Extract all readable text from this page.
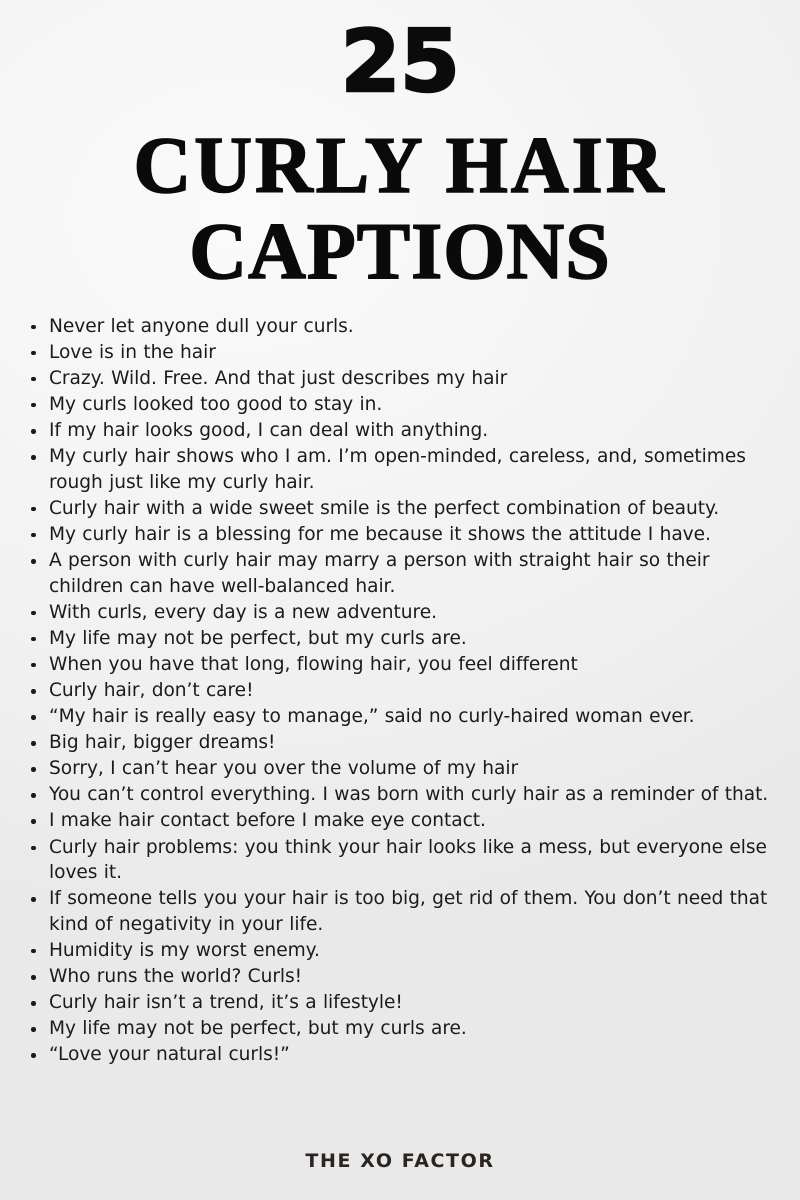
25
CURLY HAIR
CAPTIONS
Never let anyone dull your curls.
Love is in the hair
Crazy. Wild. Free. And that just describes my hair
My curls looked too good to stay in.
If my hair looks good, I can deal with anything.
My curly hair shows who I am. I’m open-minded, careless, and, sometimes rough just like my curly hair.
Curly hair with a wide sweet smile is the perfect combination of beauty.
My curly hair is a blessing for me because it shows the attitude I have.
A person with curly hair may marry a person with straight hair so their children can have well-balanced hair.
With curls, every day is a new adventure.
My life may not be perfect, but my curls are.
When you have that long, flowing hair, you feel different
Curly hair, don’t care!
“My hair is really easy to manage,” said no curly-haired woman ever.
Big hair, bigger dreams!
Sorry, I can’t hear you over the volume of my hair
You can’t control everything. I was born with curly hair as a reminder of that.
I make hair contact before I make eye contact.
Curly hair problems: you think your hair looks like a mess, but everyone else loves it.
If someone tells you your hair is too big, get rid of them. You don’t need that kind of negativity in your life.
Humidity is my worst enemy.
Who runs the world? Curls!
Curly hair isn’t a trend, it’s a lifestyle!
My life may not be perfect, but my curls are.
“Love your natural curls!”
THE XO FACTOR
